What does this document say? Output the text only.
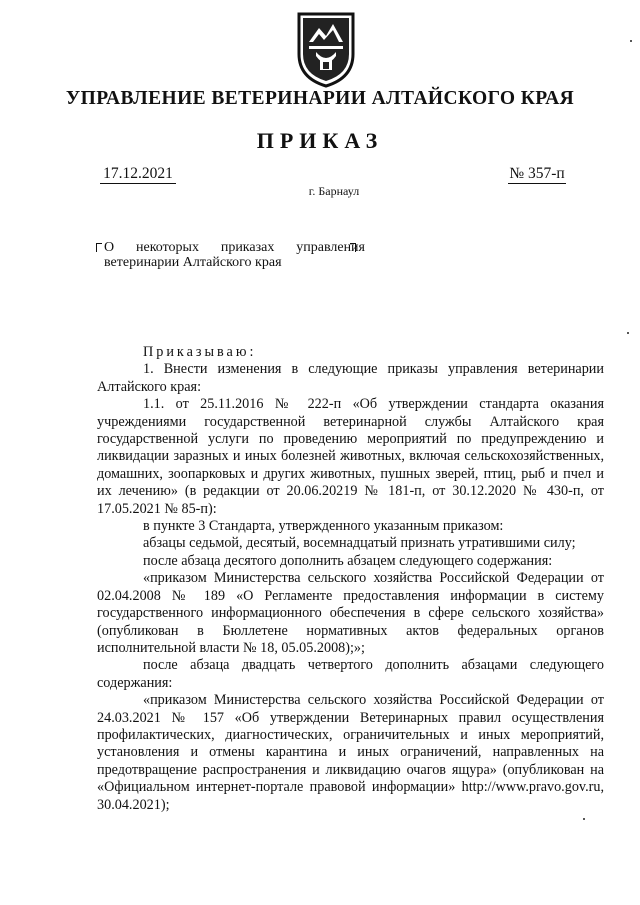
УПРАВЛЕНИЕ ВЕТЕРИНАРИИ АЛТАЙСКОГО КРАЯ
ПРИКАЗ
17.12.2021	№ 357-п
г. Барнаул
О некоторых приказах управления
ветеринарии Алтайского края

Приказываю:

1. Внести изменения в следующие приказы управления ветеринарии Алтайского края:

1.1. от 25.11.2016 № 222-п «Об утверждении стандарта оказания учреждениями государственной ветеринарной службы Алтайского края государственной услуги по проведению мероприятий по предупреждению и ликвидации заразных и иных болезней животных, включая сельскохозяйственных, домашних, зоопарковых и других животных, пушных зверей, птиц, рыб и пчел и их лечению» (в редакции от 20.06.20219 № 181-п, от 30.12.2020 № 430-п, от 17.05.2021 № 85-п):

в пункте 3 Стандарта, утвержденного указанным приказом:

абзацы седьмой, десятый, восемнадцатый признать утратившими силу;

после абзаца десятого дополнить абзацем следующего содержания:

«приказом Министерства сельского хозяйства Российской Федерации от 02.04.2008 № 189 «О Регламенте предоставления информации в систему государственного информационного обеспечения в сфере сельского хозяйства» (опубликован в Бюллетене нормативных актов федеральных органов исполнительной власти № 18, 05.05.2008);»;

после абзаца двадцать четвертого дополнить абзацами следующего содержания:

«приказом Министерства сельского хозяйства Российской Федерации от 24.03.2021 № 157 «Об утверждении Ветеринарных правил осуществления профилактических, диагностических, ограничительных и иных мероприятий, установления и отмены карантина и иных ограничений, направленных на предотвращение распространения и ликвидацию очагов ящура» (опубликован на «Официальном интернет-портале правовой информации» http://www.pravo.gov.ru, 30.04.2021);
